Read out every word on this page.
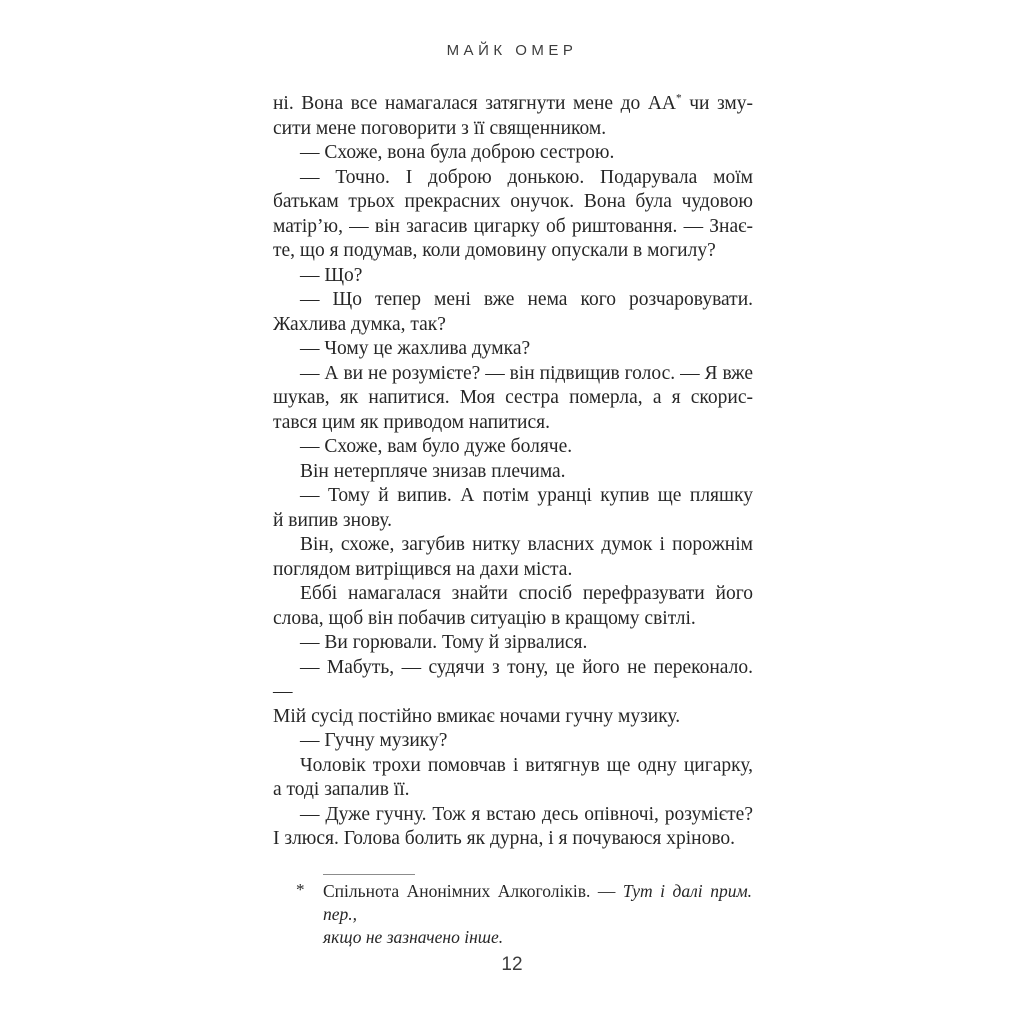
МАЙК ОМЕР
ні. Вона все намагалася затягнути мене до АА* чи зму-
сити мене поговорити з її священником.
— Схоже, вона була доброю сестрою.
— Точно. І доброю донькою. Подарувала моїм
батькам трьох прекрасних онучок. Вона була чудовою
матір’ю, — він загасив цигарку об риштовання. — Знає-
те, що я подумав, коли домовину опускали в могилу?
— Що?
— Що тепер мені вже нема кого розчаровувати.
Жахлива думка, так?
— Чому це жахлива думка?
— А ви не розумієте? — він підвищив голос. — Я вже
шукав, як напитися. Моя сестра померла, а я скорис-
тався цим як приводом напитися.
— Схоже, вам було дуже боляче.
Він нетерпляче знизав плечима.
— Тому й випив. А потім уранці купив ще пляшку
й випив знову.
Він, схоже, загубив нитку власних думок і порожнім
поглядом витріщився на дахи міста.
Еббі намагалася знайти спосіб перефразувати його
слова, щоб він побачив ситуацію в кращому світлі.
— Ви горювали. Тому й зірвалися.
— Мабуть, — судячи з тону, це його не переконало. —
Мій сусід постійно вмикає ночами гучну музику.
— Гучну музику?
Чоловік трохи помовчав і витягнув ще одну цигарку,
а тоді запалив її.
— Дуже гучну. Тож я встаю десь опівночі, розумієте?
І злюся. Голова болить як дурна, і я почуваюся хріново.
* Спільнота Анонімних Алкоголіків. — Тут і далі прим. пер.,
якщо не зазначено інше.
12
